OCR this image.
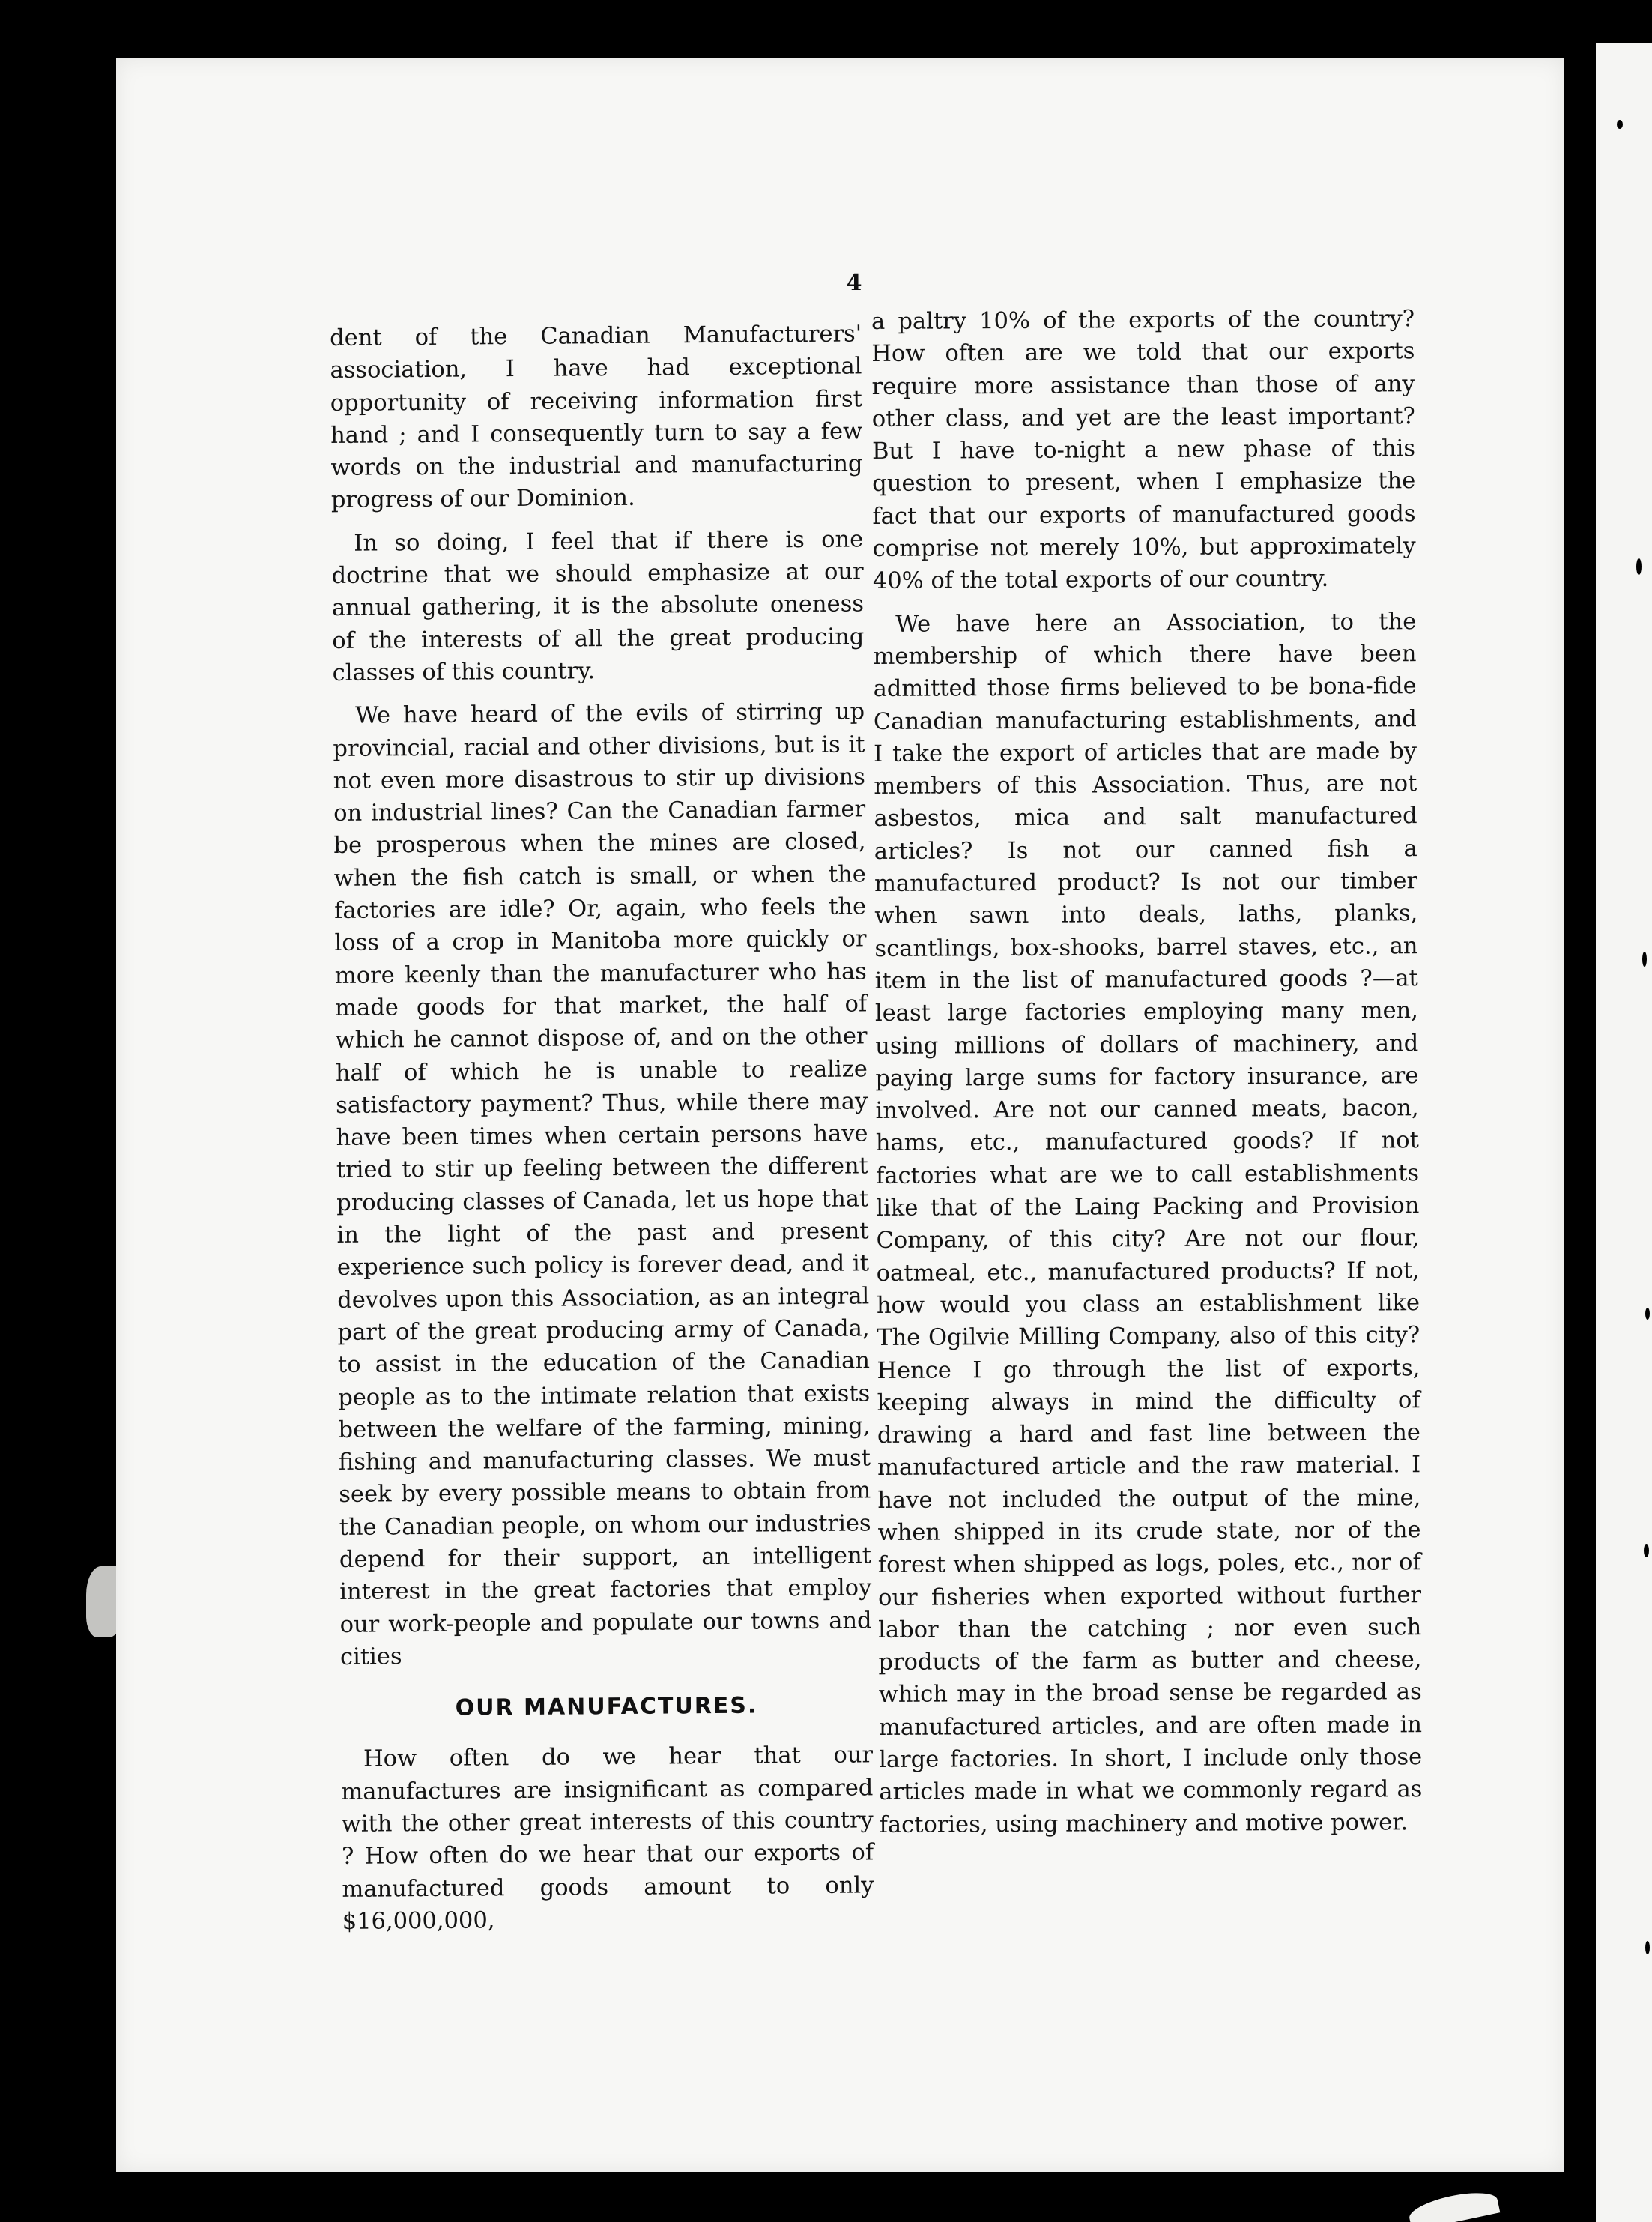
4

dent of the Canadian Manufacturers' association, I have had exceptional opportunity of receiving information first hand ; and I consequently turn to say a few words on the industrial and manufacturing progress of our Dominion.

In so doing, I feel that if there is one doctrine that we should emphasize at our annual gathering, it is the absolute oneness of the interests of all the great producing classes of this country.

We have heard of the evils of stirring up provincial, racial and other divisions, but is it not even more disastrous to stir up divisions on industrial lines? Can the Canadian farmer be prosperous when the mines are closed, when the fish catch is small, or when the factories are idle? Or, again, who feels the loss of a crop in Manitoba more quickly or more keenly than the manufacturer who has made goods for that market, the half of which he cannot dispose of, and on the other half of which he is unable to realize satisfactory payment? Thus, while there may have been times when certain persons have tried to stir up feeling between the different producing classes of Canada, let us hope that in the light of the past and present experience such policy is forever dead, and it devolves upon this Association, as an integral part of the great producing army of Canada, to assist in the education of the Canadian people as to the intimate relation that exists between the welfare of the farming, mining, fishing and manufacturing classes. We must seek by every possible means to obtain from the Canadian people, on whom our industries depend for their support, an intelligent interest in the great factories that employ our work-people and populate our towns and cities

OUR MANUFACTURES.

How often do we hear that our manufactures are insignificant as compared with the other great interests of this country ? How often do we hear that our exports of manufactured goods amount to only $16,000,000,

a paltry 10% of the exports of the country? How often are we told that our exports require more assistance than those of any other class, and yet are the least important? But I have to-night a new phase of this question to present, when I emphasize the fact that our exports of manufactured goods comprise not merely 10%, but approximately 40% of the total exports of our country.

We have here an Association, to the membership of which there have been admitted those firms believed to be bona-fide Canadian manufacturing establishments, and I take the export of articles that are made by members of this Association. Thus, are not asbestos, mica and salt manufactured articles? Is not our canned fish a manufactured product? Is not our timber when sawn into deals, laths, planks, scantlings, box-shooks, barrel staves, etc., an item in the list of manufactured goods ?—at least large factories employing many men, using millions of dollars of machinery, and paying large sums for factory insurance, are involved. Are not our canned meats, bacon, hams, etc., manufactured goods? If not factories what are we to call establishments like that of the Laing Packing and Provision Company, of this city? Are not our flour, oatmeal, etc., manufactured products? If not, how would you class an establishment like The Ogilvie Milling Company, also of this city? Hence I go through the list of exports, keeping always in mind the difficulty of drawing a hard and fast line between the manufactured article and the raw material. I have not included the output of the mine, when shipped in its crude state, nor of the forest when shipped as logs, poles, etc., nor of our fisheries when exported without further labor than the catching ; nor even such products of the farm as butter and cheese, which may in the broad sense be regarded as manufactured articles, and are often made in large factories. In short, I include only those articles made in what we commonly regard as factories, using machinery and motive power.
